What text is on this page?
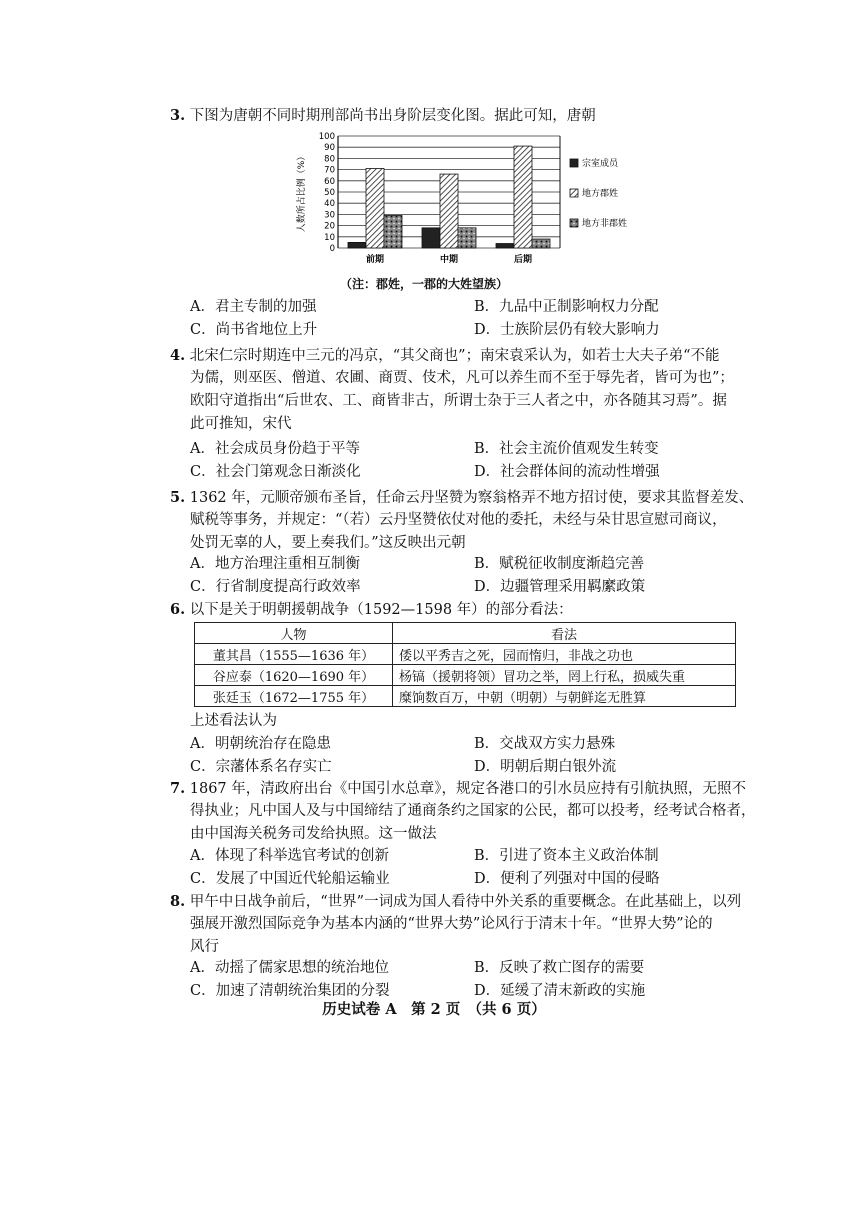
3. 下图为唐朝不同时期刑部尚书出身阶层变化图。据此可知，唐朝
人数所占比例（%）
0
10
20
30
40
50
60
70
80
90
100
前期	中期	后期
宗室成员
地方郡姓
地方非郡姓
（注：郡姓，一郡的大姓望族）
A．君主专制的加强	B．九品中正制影响权力分配
C．尚书省地位上升	D．士族阶层仍有较大影响力
4. 北宋仁宗时期连中三元的冯京，“其父商也”；南宋袁采认为，如若士大夫子弟“不能
为儒，则巫医、僧道、农圃、商贾、伎术，凡可以养生而不至于辱先者，皆可为也”；
欧阳守道指出“后世农、工、商皆非古，所谓士杂于三人者之中，亦各随其习焉”。据
此可推知，宋代
A．社会成员身份趋于平等	B．社会主流价值观发生转变
C．社会门第观念日渐淡化	D．社会群体间的流动性增强
5. 1362 年，元顺帝颁布圣旨，任命云丹坚赞为察翁格弄不地方招讨使，要求其监督差发、
赋税等事务，并规定：“（若）云丹坚赞依仗对他的委托，未经与朵甘思宣慰司商议，
处罚无辜的人，要上奏我们。”这反映出元朝
A．地方治理注重相互制衡	B．赋税征收制度渐趋完善
C．行省制度提高行政效率	D．边疆管理采用羁縻政策
6. 以下是关于明朝援朝战争（1592—1598 年）的部分看法：
人物	看法
董其昌（1555—1636 年）	倭以平秀吉之死，园而惰归，非战之功也
谷应泰（1620—1690 年）	杨镐（援朝将领）冒功之举，罔上行私，损威失重
张廷玉（1672—1755 年）	糜饷数百万，中朝（明朝）与朝鲜迄无胜算
上述看法认为
A．明朝统治存在隐患	B．交战双方实力悬殊
C．宗藩体系名存实亡	D．明朝后期白银外流
7. 1867 年，清政府出台《中国引水总章》，规定各港口的引水员应持有引航执照，无照不
得执业；凡中国人及与中国缔结了通商条约之国家的公民，都可以投考，经考试合格者，
由中国海关税务司发给执照。这一做法
A．体现了科举选官考试的创新	B．引进了资本主义政治体制
C．发展了中国近代轮船运输业	D．便利了列强对中国的侵略
8. 甲午中日战争前后，“世界”一词成为国人看待中外关系的重要概念。在此基础上，以列
强展开激烈国际竞争为基本内涵的“世界大势”论风行于清末十年。“世界大势”论的
风行
A．动摇了儒家思想的统治地位	B．反映了救亡图存的需要
C．加速了清朝统治集团的分裂	D．延缓了清末新政的实施
历史试卷 A　第 2 页　（共 6 页）
